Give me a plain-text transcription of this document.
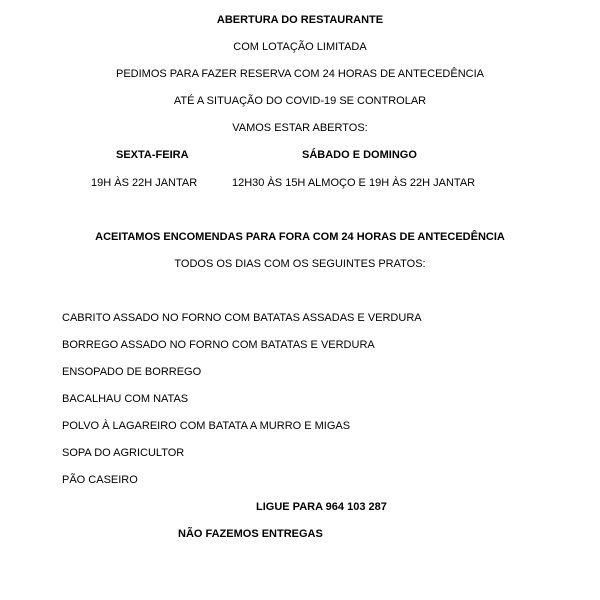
ABERTURA DO RESTAURANTE
COM LOTAÇÃO LIMITADA
PEDIMOS PARA FAZER RESERVA COM 24 HORAS DE ANTECEDÊNCIA
ATÉ A SITUAÇÃO DO COVID-19 SE CONTROLAR
VAMOS ESTAR ABERTOS:
SEXTA-FEIRA	SÁBADO E DOMINGO
19H ÀS 22H JANTAR	12H30 ÀS 15H ALMOÇO E 19H ÀS 22H JANTAR
ACEITAMOS ENCOMENDAS PARA FORA COM 24 HORAS DE ANTECEDÊNCIA
TODOS OS DIAS COM OS SEGUINTES PRATOS:
CABRITO ASSADO NO FORNO COM BATATAS ASSADAS E VERDURA
BORREGO ASSADO NO FORNO COM BATATAS E VERDURA
ENSOPADO DE BORREGO
BACALHAU COM NATAS
POLVO À LAGAREIRO COM BATATA A MURRO E MIGAS
SOPA DO AGRICULTOR
PÃO CASEIRO
LIGUE PARA 964 103 287
NÃO FAZEMOS ENTREGAS
